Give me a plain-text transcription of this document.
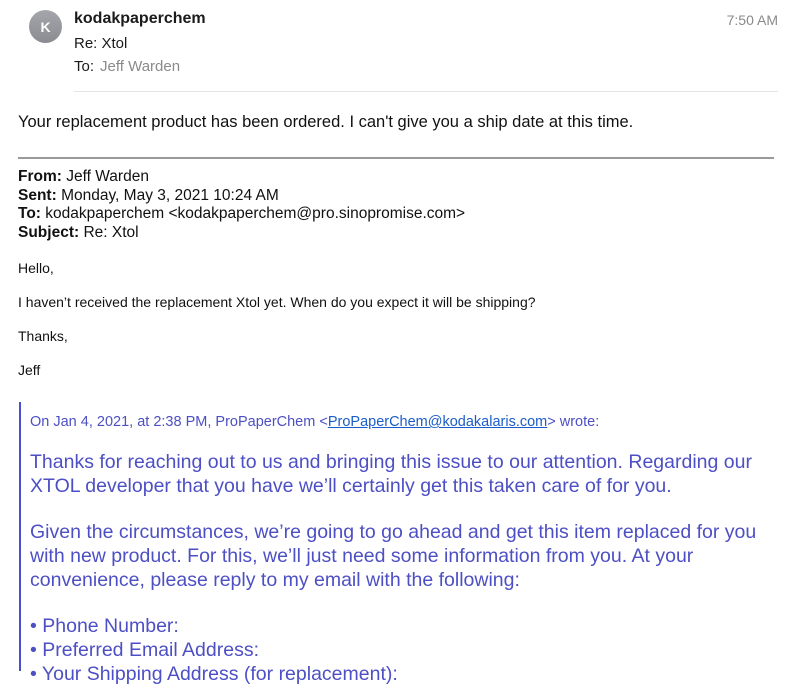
K	kodakpaperchem
Re: Xtol
To: Jeff Warden
7:50 AM
Your replacement product has been ordered. I can't give you a ship date at this time.
From: Jeff Warden
Sent: Monday, May 3, 2021 10:24 AM
To: kodakpaperchem <kodakpaperchem@pro.sinopromise.com>
Subject: Re: Xtol
Hello,
I haven’t received the replacement Xtol yet. When do you expect it will be shipping?
Thanks,
Jeff
On Jan 4, 2021, at 2:38 PM, ProPaperChem <ProPaperChem@kodakalaris.com> wrote:
Thanks for reaching out to us and bringing this issue to our attention. Regarding our XTOL developer that you have we’ll certainly get this taken care of for you.
Given the circumstances, we’re going to go ahead and get this item replaced for you with new product. For this, we’ll just need some information from you. At your convenience, please reply to my email with the following:
• Phone Number:
• Preferred Email Address:
• Your Shipping Address (for replacement):
